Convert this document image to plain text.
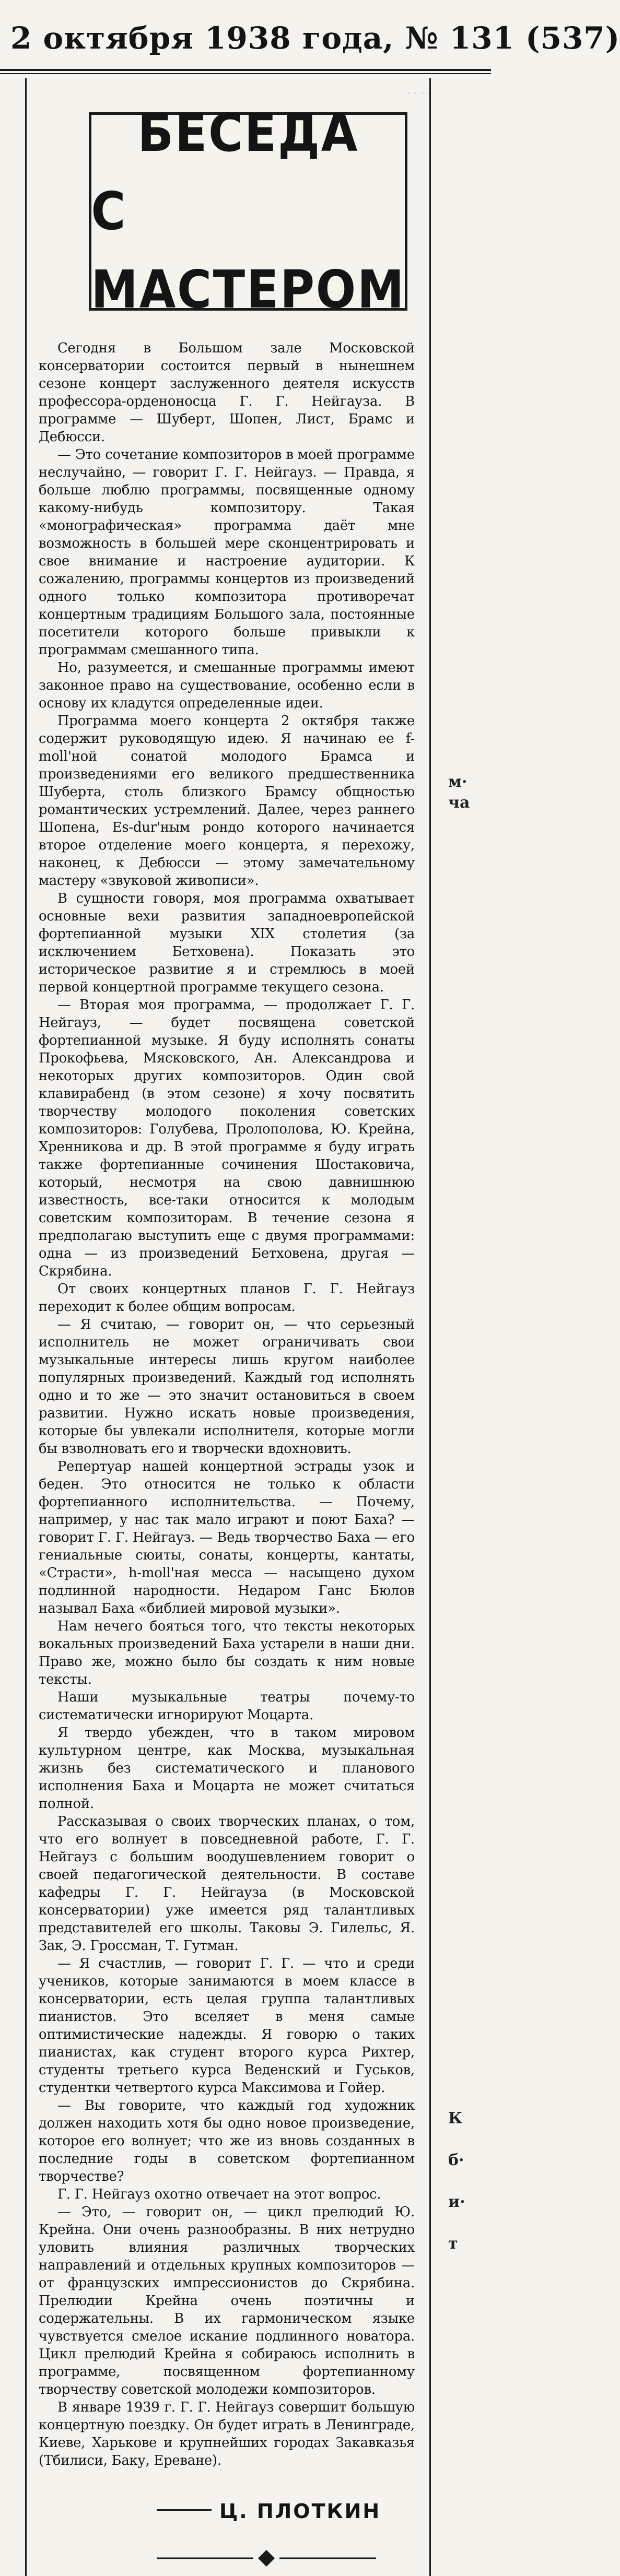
2 октября 1938 года, № 131 (537)
· · · ·
м·
ча
К
б·
и·
т
БЕСЕДА
С МАСТЕРОМ

Сегодня в Большом зале Московской консерватории состоится первый в нынешнем сезоне концерт заслуженного деятеля искусств профессора-орденоносца Г. Г. Нейгауза. В программе — Шуберт, Шопен, Лист, Брамс и Дебюсси.

— Это сочетание композиторов в моей программе неслучайно, — говорит Г. Г. Нейгауз. — Правда, я больше люблю программы, посвященные одному какому-нибудь композитору. Такая «монографическая» программа даёт мне возможность в большей мере сконцентрировать и свое внимание и настроение аудитории. К сожалению, программы концертов из произведений одного только композитора противоречат концертным традициям Большого зала, постоянные посетители которого больше привыкли к программам смешанного типа.

Но, разумеется, и смешанные программы имеют законное право на существование, особенно если в основу их кладутся определенные идеи.

Программа моего концерта 2 октября также содержит руководящую идею. Я начинаю ее f-moll'ной сонатой молодого Брамса и произведениями его великого предшественника Шуберта, столь близкого Брамсу общностью романтических устремлений. Далее, через раннего Шопена, Es-dur'ным рондо которого начинается второе отделение моего концерта, я перехожу, наконец, к Дебюсси — этому замечательному мастеру «звуковой живописи».

В сущности говоря, моя программа охватывает основные вехи развития западноевропейской фортепианной музыки XIX столетия (за исключением Бетховена). Показать это историческое развитие я и стремлюсь в моей первой концертной программе текущего сезона.

— Вторая моя программа, — продолжает Г. Г. Нейгауз, — будет посвящена советской фортепианной музыке. Я буду исполнять сонаты Прокофьева, Мясковского, Ан. Александрова и некоторых других композиторов. Один свой клавирабенд (в этом сезоне) я хочу посвятить творчеству молодого поколения советских композиторов: Голубева, Пролополова, Ю. Крейна, Хренникова и др. В этой программе я буду играть также фортепианные сочинения Шостаковича, который, несмотря на свою давнишнюю известность, все-таки относится к молодым советским композиторам. В течение сезона я предполагаю выступить еще с двумя программами: одна — из произведений Бетховена, другая — Скрябина.

От своих концертных планов Г. Г. Нейгауз переходит к более общим вопросам.

— Я считаю, — говорит он, — что серьезный исполнитель не может ограничивать свои музыкальные интересы лишь кругом наиболее популярных произведений. Каждый год исполнять одно и то же — это значит остановиться в своем развитии. Нужно искать новые произведения, которые бы увлекали исполнителя, которые могли бы взволновать его и творчески вдохновить.

Репертуар нашей концертной эстрады узок и беден. Это относится не только к области фортепианного исполнительства. — Почему, например, у нас так мало играют и поют Баха? — говорит Г. Г. Нейгауз. — Ведь творчество Баха — его гениальные сюиты, сонаты, концерты, кантаты, «Страсти», h-moll'ная месса — насыщено духом подлинной народности. Недаром Ганс Бюлов называл Баха «библией мировой музыки».

Нам нечего бояться того, что тексты некоторых вокальных произведений Баха устарели в наши дни. Право же, можно было бы создать к ним новые тексты.

Наши музыкальные театры почему-то систематически игнорируют Моцарта.

Я твердо убежден, что в таком мировом культурном центре, как Москва, музыкальная жизнь без систематического и планового исполнения Баха и Моцарта не может считаться полной.

Рассказывая о своих творческих планах, о том, что его волнует в повседневной работе, Г. Г. Нейгауз с большим воодушевлением говорит о своей педагогической деятельности. В составе кафедры Г. Г. Нейгауза (в Московской консерватории) уже имеется ряд талантливых представителей его школы. Таковы Э. Гилельс, Я. Зак, Э. Гроссман, Т. Гутман.

— Я счастлив, — говорит Г. Г. — что и среди учеников, которые занимаются в моем классе в консерватории, есть целая группа талантливых пианистов. Это вселяет в меня самые оптимистические надежды. Я говорю о таких пианистах, как студент второго курса Рихтер, студенты третьего курса Веденский и Гуськов, студентки четвертого курса Максимова и Гойер.

— Вы говорите, что каждый год художник должен находить хотя бы одно новое произведение, которое его волнует; что же из вновь созданных в последние годы в советском фортепианном творчестве?

Г. Г. Нейгауз охотно отвечает на этот вопрос.

— Это, — говорит он, — цикл прелюдий Ю. Крейна. Они очень разнообразны. В них нетрудно уловить влияния различных творческих направлений и отдельных крупных композиторов — от французских импрессионистов до Скрябина. Прелюдии Крейна очень поэтичны и содержательны. В их гармоническом языке чувствуется смелое искание подлинного новатора. Цикл прелюдий Крейна я собираюсь исполнить в программе, посвященном фортепианному творчеству советской молодежи композиторов.

В январе 1939 г. Г. Г. Нейгауз совершит большую концертную поездку. Он будет играть в Ленинграде, Киеве, Харькове и крупнейших городах Закавказья (Тбилиси, Баку, Ереване).

Ц. ПЛОТКИН
